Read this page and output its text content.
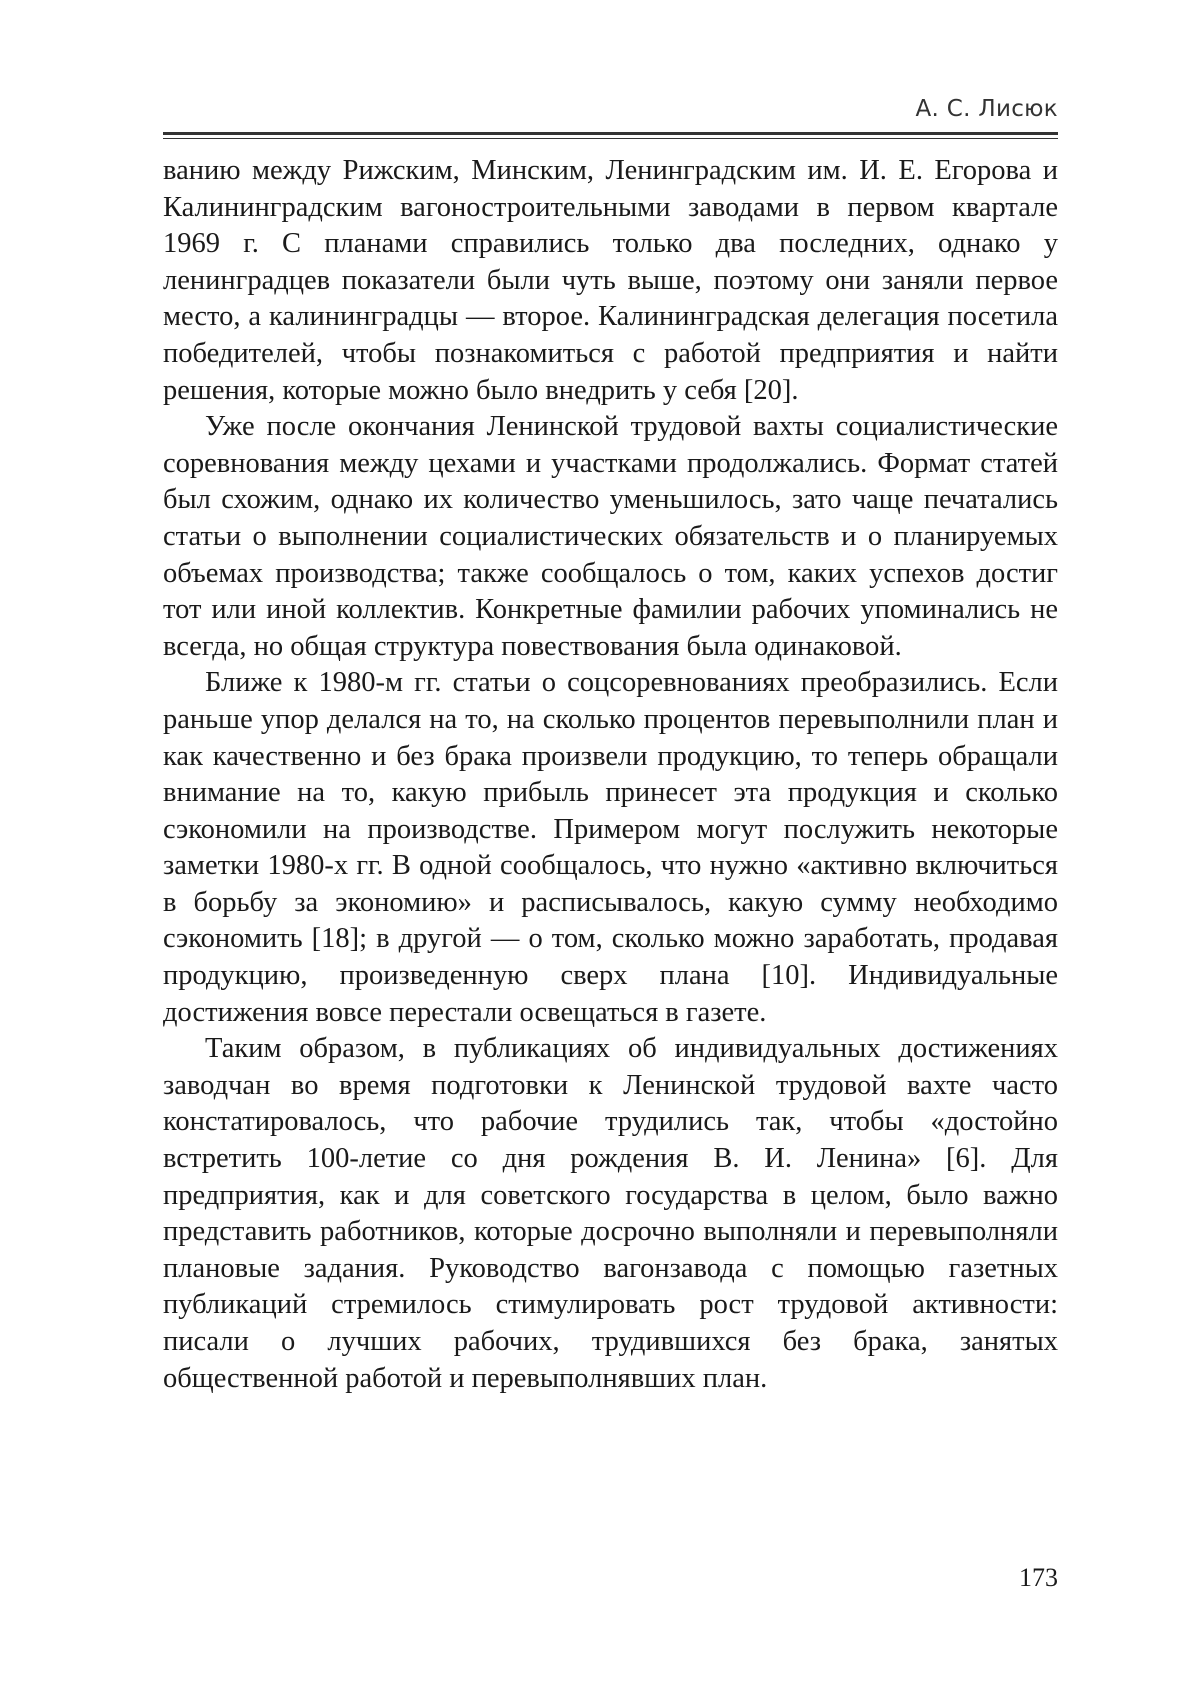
А. С. Лисюк

ванию между Рижским, Минским, Ленинградским им. И. Е. Егорова и Калининградским вагоностроительными заводами в первом квартале 1969 г. С планами справились только два последних, однако у ленинградцев показатели были чуть выше, поэтому они заняли первое место, а калининградцы — второе. Калининградская делегация посетила победителей, чтобы познакомиться с работой предприятия и найти решения, которые можно было внедрить у себя [20].

Уже после окончания Ленинской трудовой вахты социалистические соревнования между цехами и участками продолжались. Формат статей был схожим, однако их количество уменьшилось, зато чаще печатались статьи о выполнении социалистических обязательств и о планируемых объемах производства; также сообщалось о том, каких успехов достиг тот или иной коллектив. Конкретные фамилии рабочих упоминались не всегда, но общая структура повествования была одинаковой.

Ближе к 1980-м гг. статьи о соцсоревнованиях преобразились. Если раньше упор делался на то, на сколько процентов перевыполнили план и как качественно и без брака произвели продукцию, то теперь обращали внимание на то, какую прибыль принесет эта продукция и сколько сэкономили на производстве. Примером могут послужить некоторые заметки 1980-х гг. В одной сообщалось, что нужно «активно включиться в борьбу за экономию» и расписывалось, какую сумму необходимо сэкономить [18]; в другой — о том, сколько можно заработать, продавая продукцию, произведенную сверх плана [10]. Индивидуальные достижения вовсе перестали освещаться в газете.

Таким образом, в публикациях об индивидуальных достижениях заводчан во время подготовки к Ленинской трудовой вахте часто констатировалось, что рабочие трудились так, чтобы «достойно встретить 100-летие со дня рождения В. И. Ленина» [6]. Для предприятия, как и для советского государства в целом, было важно представить работников, которые досрочно выполняли и перевыполняли плановые задания. Руководство вагонзавода с помощью газетных публикаций стремилось стимулировать рост трудовой активности: писали о лучших рабочих, трудившихся без брака, занятых общественной работой и перевыполнявших план.

173
